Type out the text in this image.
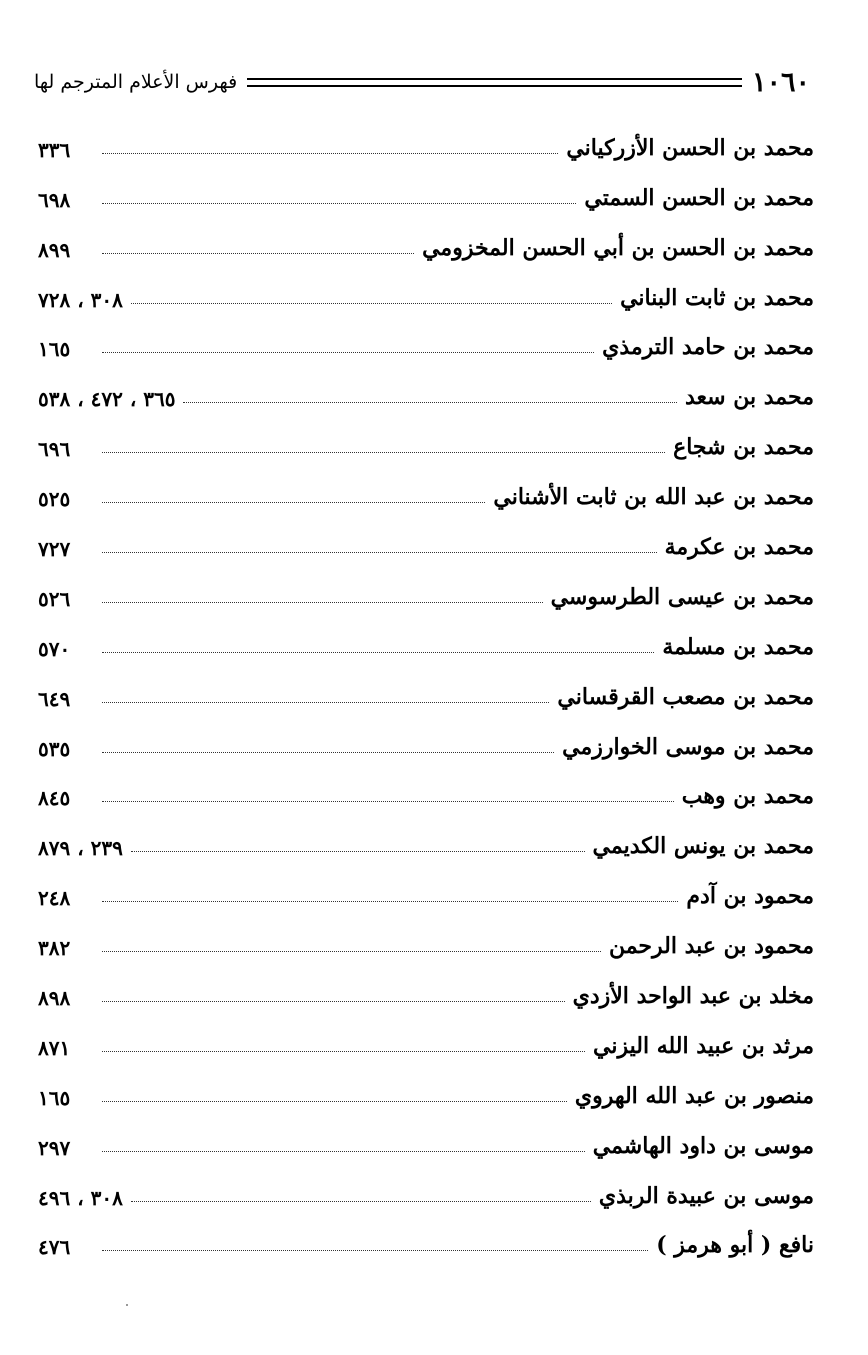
١٠٦٠
فهرس الأعلام المترجم لها
محمد بن الحسن الأزركياني
٣٣٦
محمد بن الحسن السمتي
٦٩٨
محمد بن الحسن بن أبي الحسن المخزومي
٨٩٩
محمد بن ثابت البناني
٣٠٨ ، ٧٢٨
محمد بن حامد الترمذي
١٦٥
محمد بن سعد
٣٦٥ ، ٤٧٢ ، ٥٣٨
محمد بن شجاع
٦٩٦
محمد بن عبد الله بن ثابت الأشناني
٥٢٥
محمد بن عكرمة
٧٢٧
محمد بن عيسى الطرسوسي
٥٢٦
محمد بن مسلمة
٥٧٠
محمد بن مصعب القرقساني
٦٤٩
محمد بن موسى الخوارزمي
٥٣٥
محمد بن وهب
٨٤٥
محمد بن يونس الكديمي
٢٣٩ ، ٨٧٩
محمود بن آدم
٢٤٨
محمود بن عبد الرحمن
٣٨٢
مخلد بن عبد الواحد الأزدي
٨٩٨
مرثد بن عبيد الله اليزني
٨٧١
منصور بن عبد الله الهروي
١٦٥
موسى بن داود الهاشمي
٢٩٧
موسى بن عبيدة الربذي
٣٠٨ ، ٤٩٦
نافع ( أبو هرمز )
٤٧٦
